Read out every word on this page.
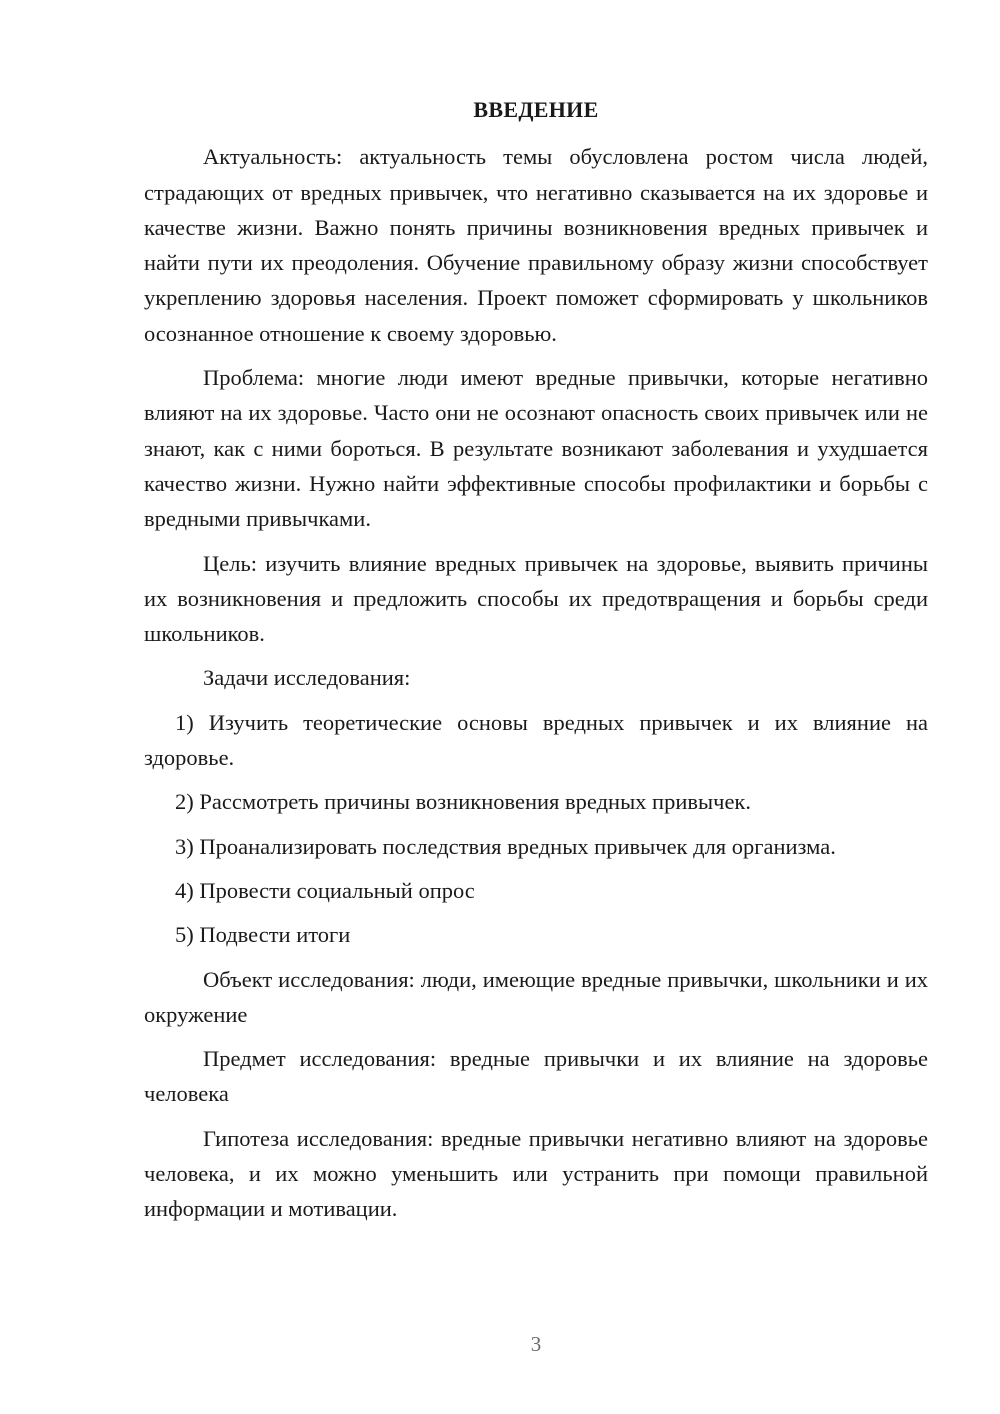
ВВЕДЕНИЕ

Актуальность: актуальность темы обусловлена ростом числа людей, страдающих от вредных привычек, что негативно сказывается на их здоровье и качестве жизни. Важно понять причины возникновения вредных привычек и найти пути их преодоления. Обучение правильному образу жизни способствует укреплению здоровья населения. Проект поможет сформировать у школьников осознанное отношение к своему здоровью.

Проблема: многие люди имеют вредные привычки, которые негативно влияют на их здоровье. Часто они не осознают опасность своих привычек или не знают, как с ними бороться. В результате возникают заболевания и ухудшается качество жизни. Нужно найти эффективные способы профилактики и борьбы с вредными привычками.

Цель: изучить влияние вредных привычек на здоровье, выявить причины их возникновения и предложить способы их предотвращения и борьбы среди школьников.

Задачи исследования:

1) Изучить теоретические основы вредных привычек и их влияние на здоровье.

2) Рассмотреть причины возникновения вредных привычек.

3) Проанализировать последствия вредных привычек для организма.

4) Провести социальный опрос

5) Подвести итоги

Объект исследования: люди, имеющие вредные привычки, школьники и их окружение

Предмет исследования: вредные привычки и их влияние на здоровье человека

Гипотеза исследования: вредные привычки негативно влияют на здоровье человека, и их можно уменьшить или устранить при помощи правильной информации и мотивации.

3
